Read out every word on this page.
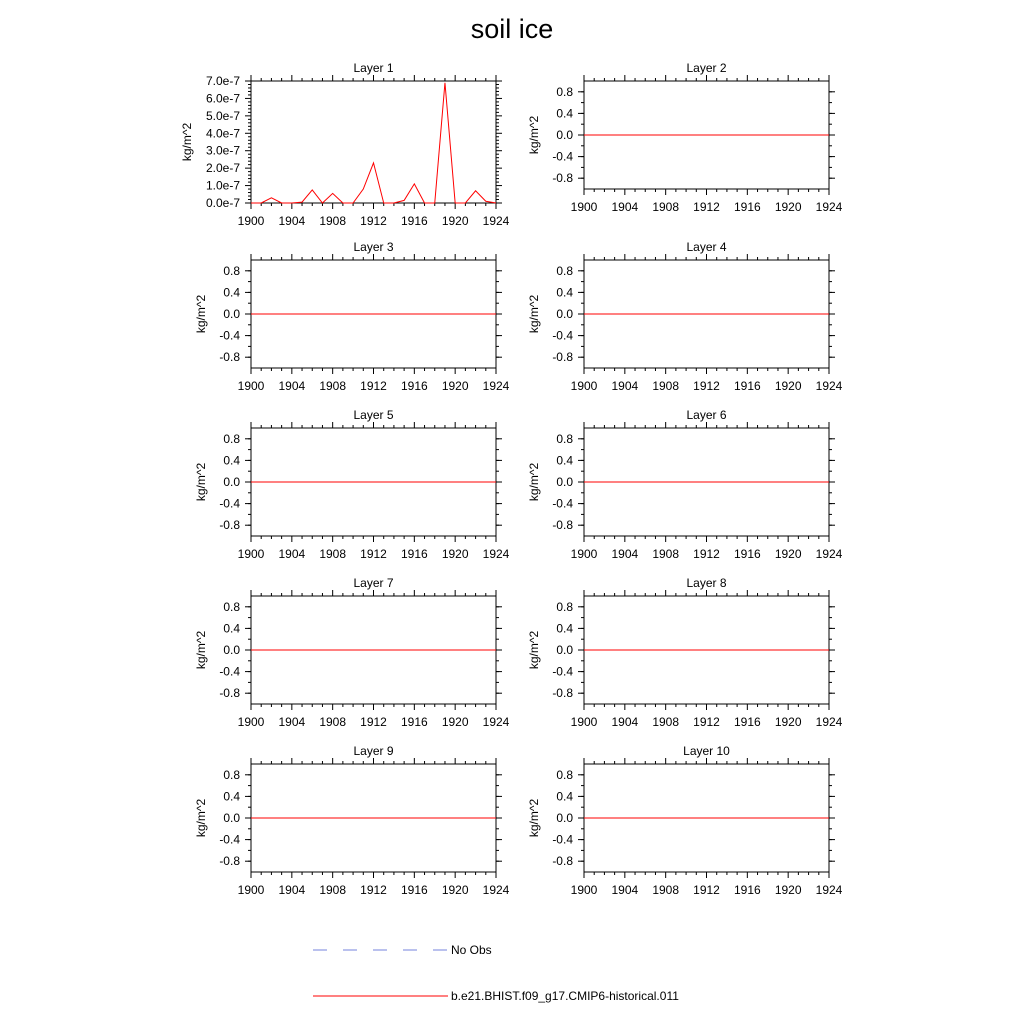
soil ice
Layer 1
1900 1904 1908 1912 1916 1920 1924
0.0e-7
1.0e-7
2.0e-7
3.0e-7
4.0e-7
5.0e-7
6.0e-7
7.0e-7
kg/m^2
Layer 2
1900 1904 1908 1912 1916 1920 1924
-0.8
-0.4
0.0
0.4
0.8
kg/m^2
Layer 3
1900 1904 1908 1912 1916 1920 1924
-0.8
-0.4
0.0
0.4
0.8
kg/m^2
Layer 4
1900 1904 1908 1912 1916 1920 1924
-0.8
-0.4
0.0
0.4
0.8
kg/m^2
Layer 5
1900 1904 1908 1912 1916 1920 1924
-0.8
-0.4
0.0
0.4
0.8
kg/m^2
Layer 6
1900 1904 1908 1912 1916 1920 1924
-0.8
-0.4
0.0
0.4
0.8
kg/m^2
Layer 7
1900 1904 1908 1912 1916 1920 1924
-0.8
-0.4
0.0
0.4
0.8
kg/m^2
Layer 8
1900 1904 1908 1912 1916 1920 1924
-0.8
-0.4
0.0
0.4
0.8
kg/m^2
Layer 9
1900 1904 1908 1912 1916 1920 1924
-0.8
-0.4
0.0
0.4
0.8
kg/m^2
Layer 10
1900 1904 1908 1912 1916 1920 1924
-0.8
-0.4
0.0
0.4
0.8
kg/m^2
No Obs
b.e21.BHIST.f09_g17.CMIP6-historical.011
